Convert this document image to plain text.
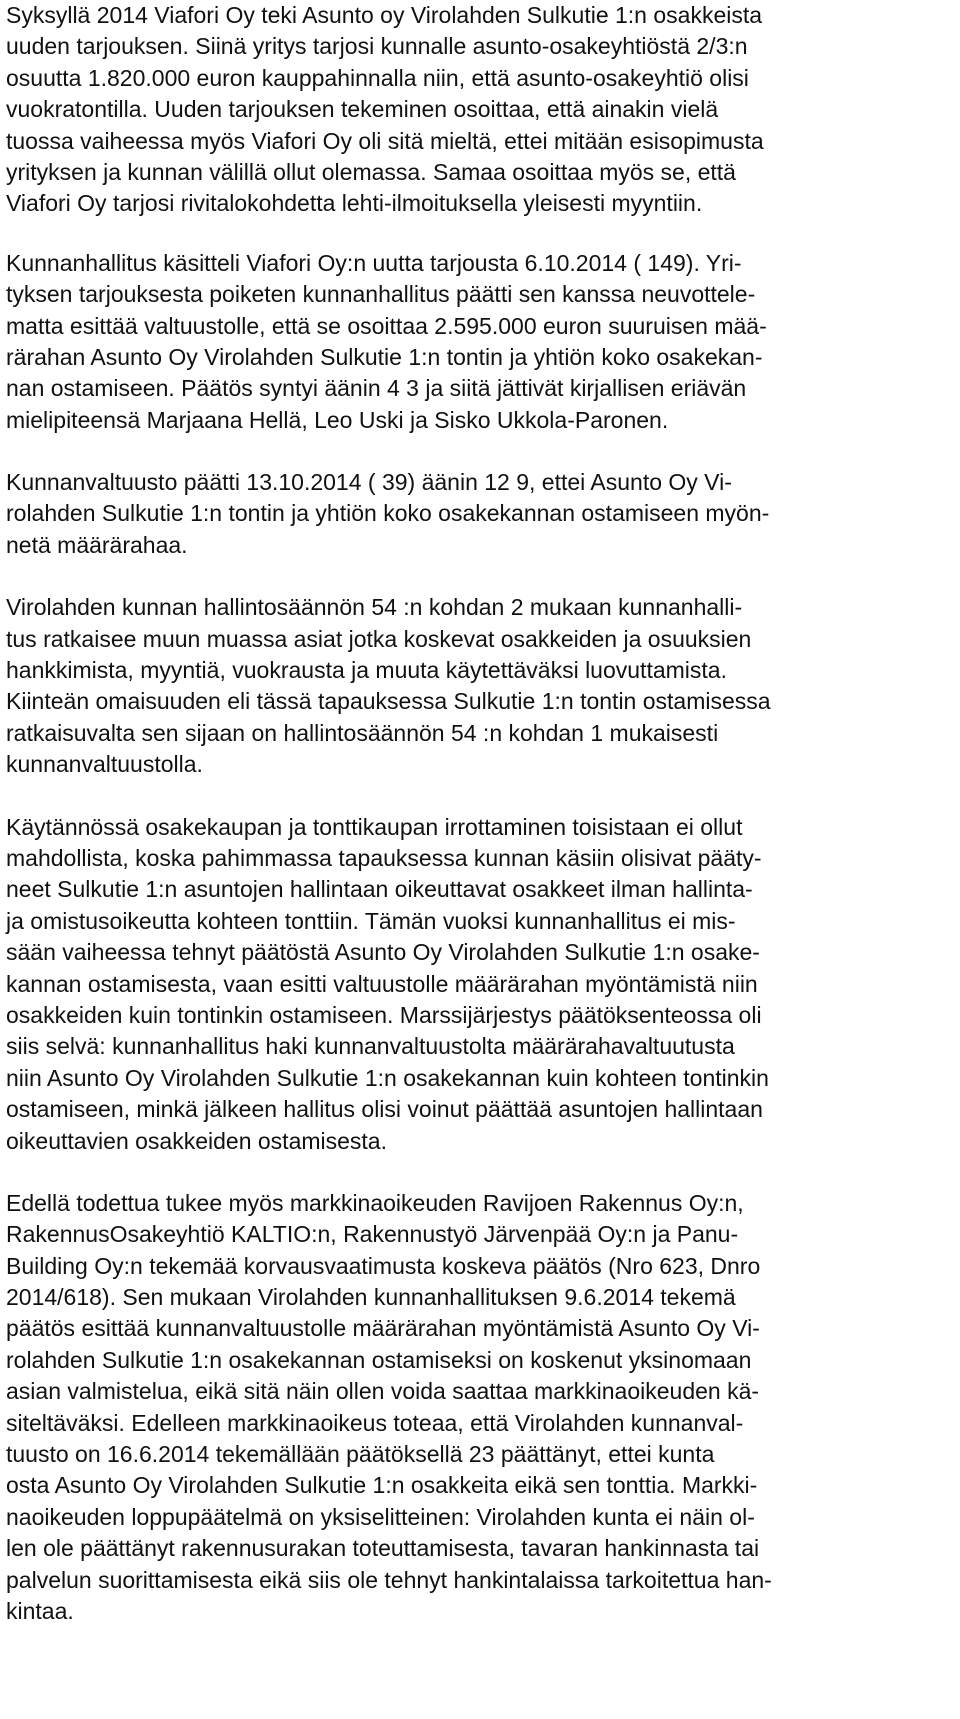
Syksyllä 2014 Viafori Oy teki Asunto oy Virolahden Sulkutie 1:n osakkeista
uuden tarjouksen. Siinä yritys tarjosi kunnalle asunto-osakeyhtiöstä 2/3:n
osuutta 1.820.000 euron kauppahinnalla niin, että asunto-osakeyhtiö olisi
vuokratontilla. Uuden tarjouksen tekeminen osoittaa, että ainakin vielä
tuossa vaiheessa myös Viafori Oy oli sitä mieltä, ettei mitään esisopimusta
yrityksen ja kunnan välillä ollut olemassa. Samaa osoittaa myös se, että
Viafori Oy tarjosi rivitalokohdetta lehti-ilmoituksella yleisesti myyntiin.
Kunnanhallitus käsitteli Viafori Oy:n uutta tarjousta 6.10.2014 ( 149). Yri-
tyksen tarjouksesta poiketen kunnanhallitus päätti sen kanssa neuvottele-
matta esittää valtuustolle, että se osoittaa 2.595.000 euron suuruisen mää-
rärahan Asunto Oy Virolahden Sulkutie 1:n tontin ja yhtiön koko osakekan-
nan ostamiseen. Päätös syntyi äänin 4 3 ja siitä jättivät kirjallisen eriävän
mielipiteensä Marjaana Hellä, Leo Uski ja Sisko Ukkola-Paronen.
Kunnanvaltuusto päätti 13.10.2014 ( 39) äänin 12 9, ettei Asunto Oy Vi-
rolahden Sulkutie 1:n tontin ja yhtiön koko osakekannan ostamiseen myön-
netä määrärahaa.
Virolahden kunnan hallintosäännön 54 :n kohdan 2 mukaan kunnanhalli-
tus ratkaisee muun muassa asiat jotka koskevat osakkeiden ja osuuksien
hankkimista, myyntiä, vuokrausta ja muuta käytettäväksi luovuttamista.
Kiinteän omaisuuden eli tässä tapauksessa Sulkutie 1:n tontin ostamisessa
ratkaisuvalta sen sijaan on hallintosäännön 54 :n kohdan 1 mukaisesti
kunnanvaltuustolla.
Käytännössä osakekaupan ja tonttikaupan irrottaminen toisistaan ei ollut
mahdollista, koska pahimmassa tapauksessa kunnan käsiin olisivat pääty-
neet Sulkutie 1:n asuntojen hallintaan oikeuttavat osakkeet ilman hallinta-
ja omistusoikeutta kohteen tonttiin. Tämän vuoksi kunnanhallitus ei mis-
sään vaiheessa tehnyt päätöstä Asunto Oy Virolahden Sulkutie 1:n osake-
kannan ostamisesta, vaan esitti valtuustolle määrärahan myöntämistä niin
osakkeiden kuin tontinkin ostamiseen. Marssijärjestys päätöksenteossa oli
siis selvä: kunnanhallitus haki kunnanvaltuustolta määrärahavaltuutusta
niin Asunto Oy Virolahden Sulkutie 1:n osakekannan kuin kohteen tontinkin
ostamiseen, minkä jälkeen hallitus olisi voinut päättää asuntojen hallintaan
oikeuttavien osakkeiden ostamisesta.
Edellä todettua tukee myös markkinaoikeuden Ravijoen Rakennus Oy:n,
RakennusOsakeyhtiö KALTIO:n, Rakennustyö Järvenpää Oy:n ja Panu-
Building Oy:n tekemää korvausvaatimusta koskeva päätös (Nro 623, Dnro
2014/618). Sen mukaan Virolahden kunnanhallituksen 9.6.2014 tekemä
päätös esittää kunnanvaltuustolle määrärahan myöntämistä Asunto Oy Vi-
rolahden Sulkutie 1:n osakekannan ostamiseksi on koskenut yksinomaan
asian valmistelua, eikä sitä näin ollen voida saattaa markkinaoikeuden kä-
siteltäväksi. Edelleen markkinaoikeus toteaa, että Virolahden kunnanval-
tuusto on 16.6.2014 tekemällään päätöksellä 23 päättänyt, ettei kunta
osta Asunto Oy Virolahden Sulkutie 1:n osakkeita eikä sen tonttia. Markki-
naoikeuden loppupäätelmä on yksiselitteinen: Virolahden kunta ei näin ol-
len ole päättänyt rakennusurakan toteuttamisesta, tavaran hankinnasta tai
palvelun suorittamisesta eikä siis ole tehnyt hankintalaissa tarkoitettua han-
kintaa.
